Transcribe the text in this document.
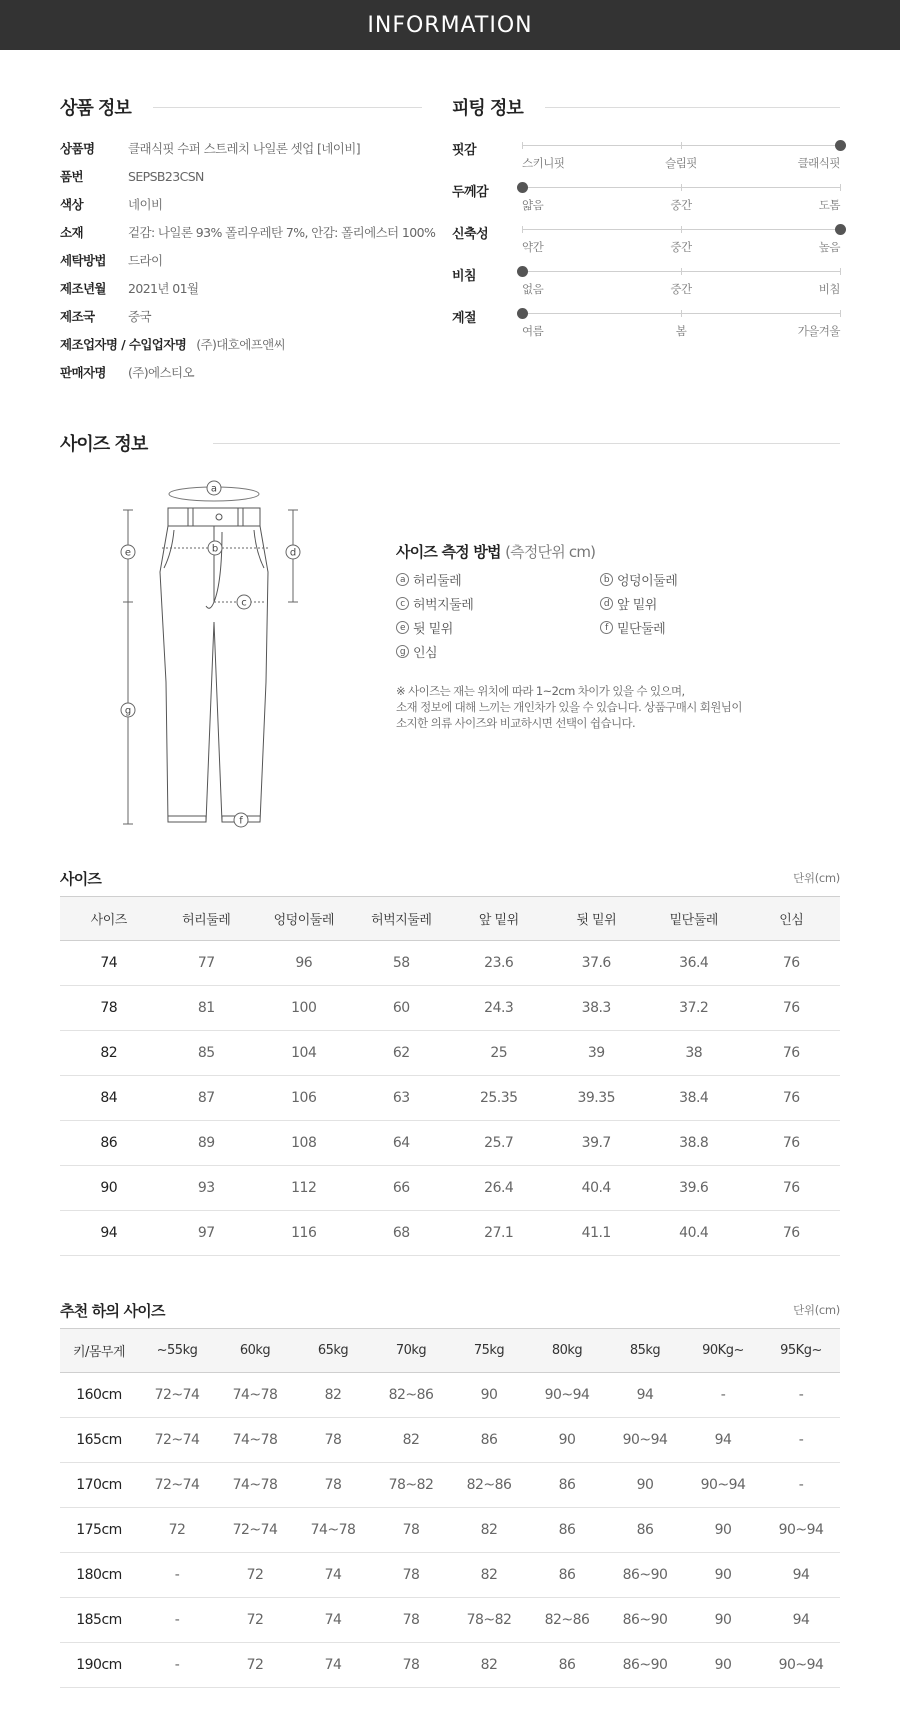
INFORMATION
상품 정보
상품명	클래식핏 수퍼 스트레치 나일론 셋업 [네이비]
품번	SEPSB23CSN
색상	네이비
소재	겉감: 나일론 93% 폴리우레탄 7%, 안감: 폴리에스터 100%
세탁방법	드라이
제조년월	2021년 01월
제조국	중국
제조업자명 / 수입업자명 (주)대호에프앤씨
판매자명	(주)에스티오
피팅 정보
핏감
스키니핏	슬림핏	클래식핏
두께감
얇음	중간	도톰
신축성
약간	중간	높음
비침
없음	중간	비침
계절
여름	봄	가을겨울
사이즈 정보
a
b
c
d
e
f
g
사이즈 측정 방법 (측정단위 cm)
a 허리둘레	b 엉덩이둘레
c 허벅지둘레	d 앞 밑위
e 뒷 밑위	f 밑단둘레
g 인심
※ 사이즈는 재는 위치에 따라 1~2cm 차이가 있을 수 있으며,
소재 정보에 대해 느끼는 개인차가 있을 수 있습니다. 상품구매시 회원님이
소지한 의류 사이즈와 비교하시면 선택이 쉽습니다.
사이즈	단위(cm)
사이즈	허리둘레	엉덩이둘레	허벅지둘레	앞 밑위	뒷 밑위	밑단둘레	인심
74	77	96	58	23.6	37.6	36.4	76
78	81	100	60	24.3	38.3	37.2	76
82	85	104	62	25	39	38	76
84	87	106	63	25.35	39.35	38.4	76
86	89	108	64	25.7	39.7	38.8	76
90	93	112	66	26.4	40.4	39.6	76
94	97	116	68	27.1	41.1	40.4	76
추천 하의 사이즈	단위(cm)
키/몸무게	~55kg	60kg	65kg	70kg	75kg	80kg	85kg	90Kg~	95Kg~
160cm	72~74	74~78	82	82~86	90	90~94	94	-	-
165cm	72~74	74~78	78	82	86	90	90~94	94	-
170cm	72~74	74~78	78	78~82	82~86	86	90	90~94	-
175cm	72	72~74	74~78	78	82	86	86	90	90~94
180cm	-	72	74	78	82	86	86~90	90	94
185cm	-	72	74	78	78~82	82~86	86~90	90	94
190cm	-	72	74	78	82	86	86~90	90	90~94
